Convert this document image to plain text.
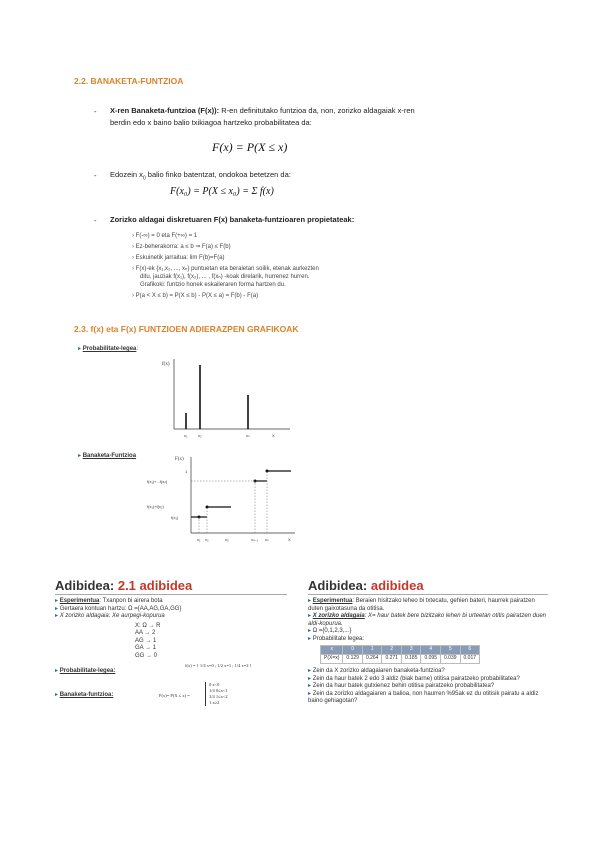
2.2. BANAKETA-FUNTZIOA
- X-ren Banaketa-funtzioa (F(x)): R-en definitutako funtzioa da, non, zorizko aldagaiak x-ren
berdin edo x baino balio txikiagoa hartzeko probabilitatea da:
F(x) = P(X ≤ x)
- Edozein $x_0$ balio finko batentzat, ondokoa betetzen da:
F(x₀) = P(X ≤ x₀) = Σ f(x)
- Zorizko aldagai diskretuaren F(x) banaketa-funtzioaren propietateak:
› F(-∞) = 0 eta F(+∞) = 1
› Ez-beherakorra: a ≤ b ⇒ F(a) ≤ F(b)
› Eskuinetik jarraitua: lim F(b)=F(a)
› F(x)-ek {x₁,x₂, ..., xₙ} puntuetan eta beraietan soilik, etenak aurkezten
ditu, jauziak f(x₁), f(x₂), ... , f(xₙ) -koak direlarik, hurrenez hurren.
Grafikoki: funtzio honek eskaileraren forma hartzen du.
› P(a < X ≤ b) = P(X ≤ b) - P(X ≤ a) = F(b) - F(a)
2.3. f(x) eta F(x) FUNTZIOEN ADIERAZPEN GRAFIKOAK
▸ Probabilitate-legea:
f(x)
x₁	x₂	xₙ	X
▸ Banaketa-Funtzioa
F(x)
1
f(x₁)+...f(xₙ)
f(x₁)+f(x₂)
f(x₁)
x₁ x₂	x₃	xₙ₋₁ xₙ	X
Adibidea: 2.1 adibidea
▸ Esperimentua: Txanpon bi airera bota
▸ Gertaera kontuan hartzu: Ω ={AA,AG,GA,GG}
▸ X zorizko aldagaia: Xe aurpegi-kopurua
X: Ω → R
AA → 2
AG → 1
GA → 1
GG → 0
▸ Probabilitate-legea:
f(x) = { 1/4 x=0 ; 1/2 x=1 ; 1/4 x=2 }
▸ Banaketa-funtzioa:	F(x)= P(X ≤ x) =
0 x<0
1/4 0≤x<1
3/4 1≤x<2
1 x≥2
Adibidea: adibidea
▸ Esperimentua: Beraien hisitzako leheo bi txtecatu, gehien bateri, haurrek pairatzen duten gaixotasuna da otitisa.
▸ X zorizko aldagaia: X= haur batek bere bizitzako lehen bi urteetan otitis pairatzen duen aldi-kopurua.
▸ Ω ={0,1,2,3,...}
▸ Probabilitate legea:
x	0	1	2	3	4	5	6
P(X=x)	0.129	0.264	0.271	0.185	0.095	0.039	0.017
▸ Zein da X zorizko aldagaiaren banaketa-funtzioa?
▸ Zein da haur batek 2 edo 3 aldiz (biak barne) otitisa pairatzeko probabilitatea?
▸ Zein da haur batek gutxienez behin otitisa pairatzeko probabilitatea?
▸ Zein da zorizko aldagaiaren a balioa, non haurren %95ak ez du otitisik pairatu a aldiz baino gehiagotan?
